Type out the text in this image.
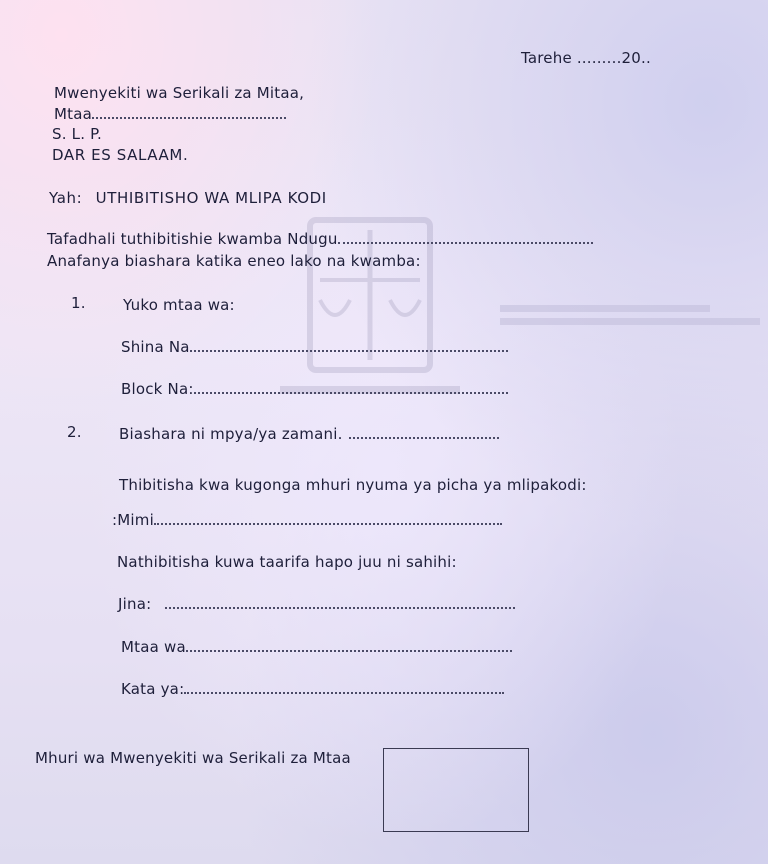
Tarehe .........20..
Mwenyekiti wa Serikali za Mitaa,
Mtaa
S. L. P.
DAR ES SALAAM.
Yah: UTHIBITISHO WA MLIPA KODI
Tafadhali tuthibitishie kwamba Ndugu
Anafanya biashara katika eneo lako na kwamba:
1. Yuko mtaa wa:
Shina Na
Block Na:
2. Biashara ni mpya/ya zamani.
Thibitisha kwa kugonga mhuri nyuma ya picha ya mlipakodi:
:Mimi
Nathibitisha kuwa taarifa hapo juu ni sahihi:
Jina:
Mtaa wa
Kata ya:
Mhuri wa Mwenyekiti wa Serikali za Mtaa
